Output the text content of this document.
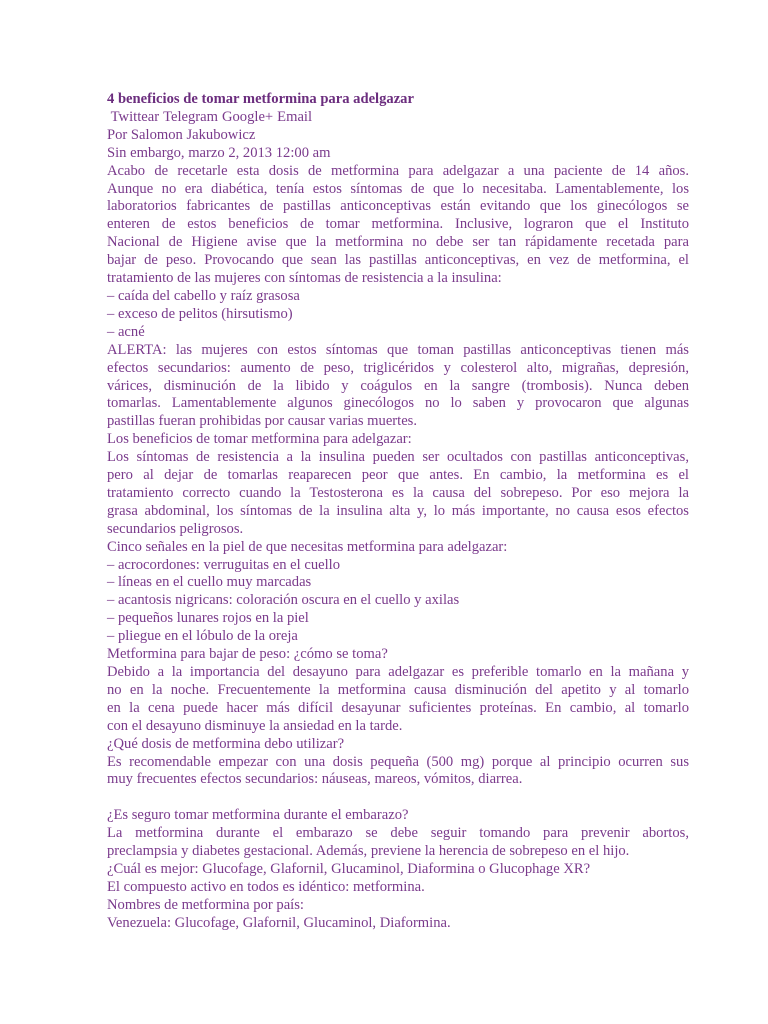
4 beneficios de tomar metformina para adelgazar
Twittear Telegram Google+ Email
Por Salomon Jakubowicz
Sin embargo, marzo 2, 2013 12:00 am
Acabo de recetarle esta dosis de metformina para adelgazar a una paciente de 14 años.
Aunque no era diabética, tenía estos síntomas de que lo necesitaba. Lamentablemente, los
laboratorios fabricantes de pastillas anticonceptivas están evitando que los ginecólogos se
enteren de estos beneficios de tomar metformina. Inclusive, lograron que el Instituto
Nacional de Higiene avise que la metformina no debe ser tan rápidamente recetada para
bajar de peso. Provocando que sean las pastillas anticonceptivas, en vez de metformina, el
tratamiento de las mujeres con síntomas de resistencia a la insulina:
– caída del cabello y raíz grasosa
– exceso de pelitos (hirsutismo)
– acné
ALERTA: las mujeres con estos síntomas que toman pastillas anticonceptivas tienen más
efectos secundarios: aumento de peso, triglicéridos y colesterol alto, migrañas, depresión,
várices, disminución de la libido y coágulos en la sangre (trombosis). Nunca deben
tomarlas. Lamentablemente algunos ginecólogos no lo saben y provocaron que algunas
pastillas fueran prohibidas por causar varias muertes.
Los beneficios de tomar metformina para adelgazar:
Los síntomas de resistencia a la insulina pueden ser ocultados con pastillas anticonceptivas,
pero al dejar de tomarlas reaparecen peor que antes. En cambio, la metformina es el
tratamiento correcto cuando la Testosterona es la causa del sobrepeso. Por eso mejora la
grasa abdominal, los síntomas de la insulina alta y, lo más importante, no causa esos efectos
secundarios peligrosos.
Cinco señales en la piel de que necesitas metformina para adelgazar:
– acrocordones: verruguitas en el cuello
– líneas en el cuello muy marcadas
– acantosis nigricans: coloración oscura en el cuello y axilas
– pequeños lunares rojos en la piel
– pliegue en el lóbulo de la oreja
Metformina para bajar de peso: ¿cómo se toma?
Debido a la importancia del desayuno para adelgazar es preferible tomarlo en la mañana y
no en la noche. Frecuentemente la metformina causa disminución del apetito y al tomarlo
en la cena puede hacer más difícil desayunar suficientes proteínas. En cambio, al tomarlo
con el desayuno disminuye la ansiedad en la tarde.
¿Qué dosis de metformina debo utilizar?
Es recomendable empezar con una dosis pequeña (500 mg) porque al principio ocurren sus
muy frecuentes efectos secundarios: náuseas, mareos, vómitos, diarrea.
¿Es seguro tomar metformina durante el embarazo?
La metformina durante el embarazo se debe seguir tomando para prevenir abortos,
preclampsia y diabetes gestacional. Además, previene la herencia de sobrepeso en el hijo.
¿Cuál es mejor: Glucofage, Glafornil, Glucaminol, Diaformina o Glucophage XR?
El compuesto activo en todos es idéntico: metformina.
Nombres de metformina por país:
Venezuela: Glucofage, Glafornil, Glucaminol, Diaformina.
